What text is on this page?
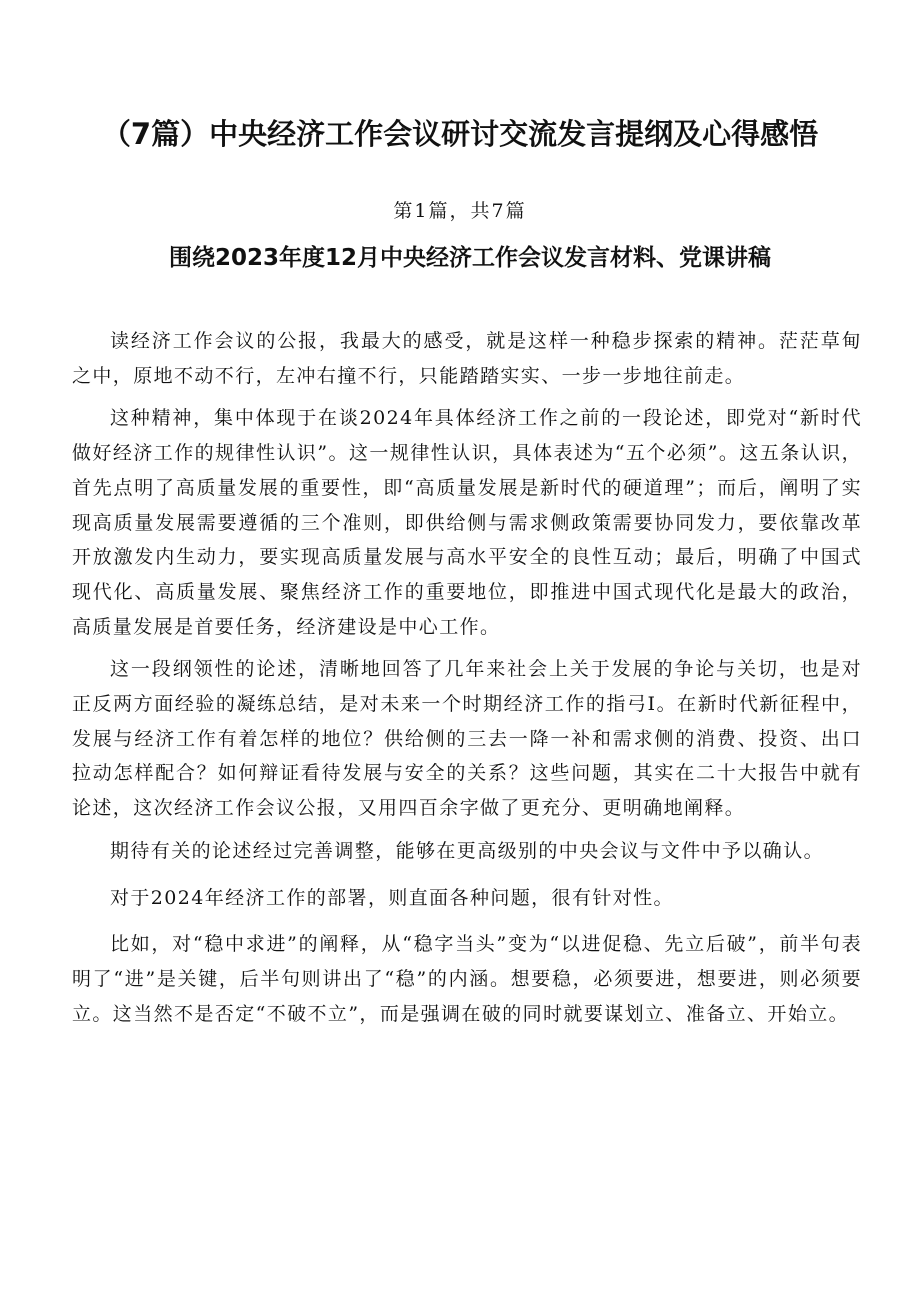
（7篇）中央经济工作会议研讨交流发言提纲及心得感悟

第1篇，共7篇

围绕2023年度12月中央经济工作会议发言材料、党课讲稿

读经济工作会议的公报，我最大的感受，就是这样一种稳步探索的精神。茫茫草甸之中，原地不动不行，左冲右撞不行，只能踏踏实实、一步一步地往前走。

这种精神，集中体现于在谈2024年具体经济工作之前的一段论述，即党对“新时代做好经济工作的规律性认识”。这一规律性认识，具体表述为“五个必须”。这五条认识，首先点明了高质量发展的重要性，即“高质量发展是新时代的硬道理”；而后，阐明了实现高质量发展需要遵循的三个准则，即供给侧与需求侧政策需要协同发力，要依靠改革开放激发内生动力，要实现高质量发展与高水平安全的良性互动；最后，明确了中国式现代化、高质量发展、聚焦经济工作的重要地位，即推进中国式现代化是最大的政治，高质量发展是首要任务，经济建设是中心工作。

这一段纲领性的论述，清晰地回答了几年来社会上关于发展的争论与关切，也是对正反两方面经验的凝练总结，是对未来一个时期经济工作的指弓I。在新时代新征程中，发展与经济工作有着怎样的地位？供给侧的三去一降一补和需求侧的消费、投资、出口拉动怎样配合？如何辩证看待发展与安全的关系？这些问题，其实在二十大报告中就有论述，这次经济工作会议公报，又用四百余字做了更充分、更明确地阐释。

期待有关的论述经过完善调整，能够在更高级别的中央会议与文件中予以确认。

对于2024年经济工作的部署，则直面各种问题，很有针对性。

比如，对“稳中求进”的阐释，从“稳字当头”变为“以进促稳、先立后破”，前半句表明了“进”是关键，后半句则讲出了“稳”的内涵。想要稳，必须要进，想要进，则必须要立。这当然不是否定“不破不立”，而是强调在破的同时就要谋划立、准备立、开始立。
